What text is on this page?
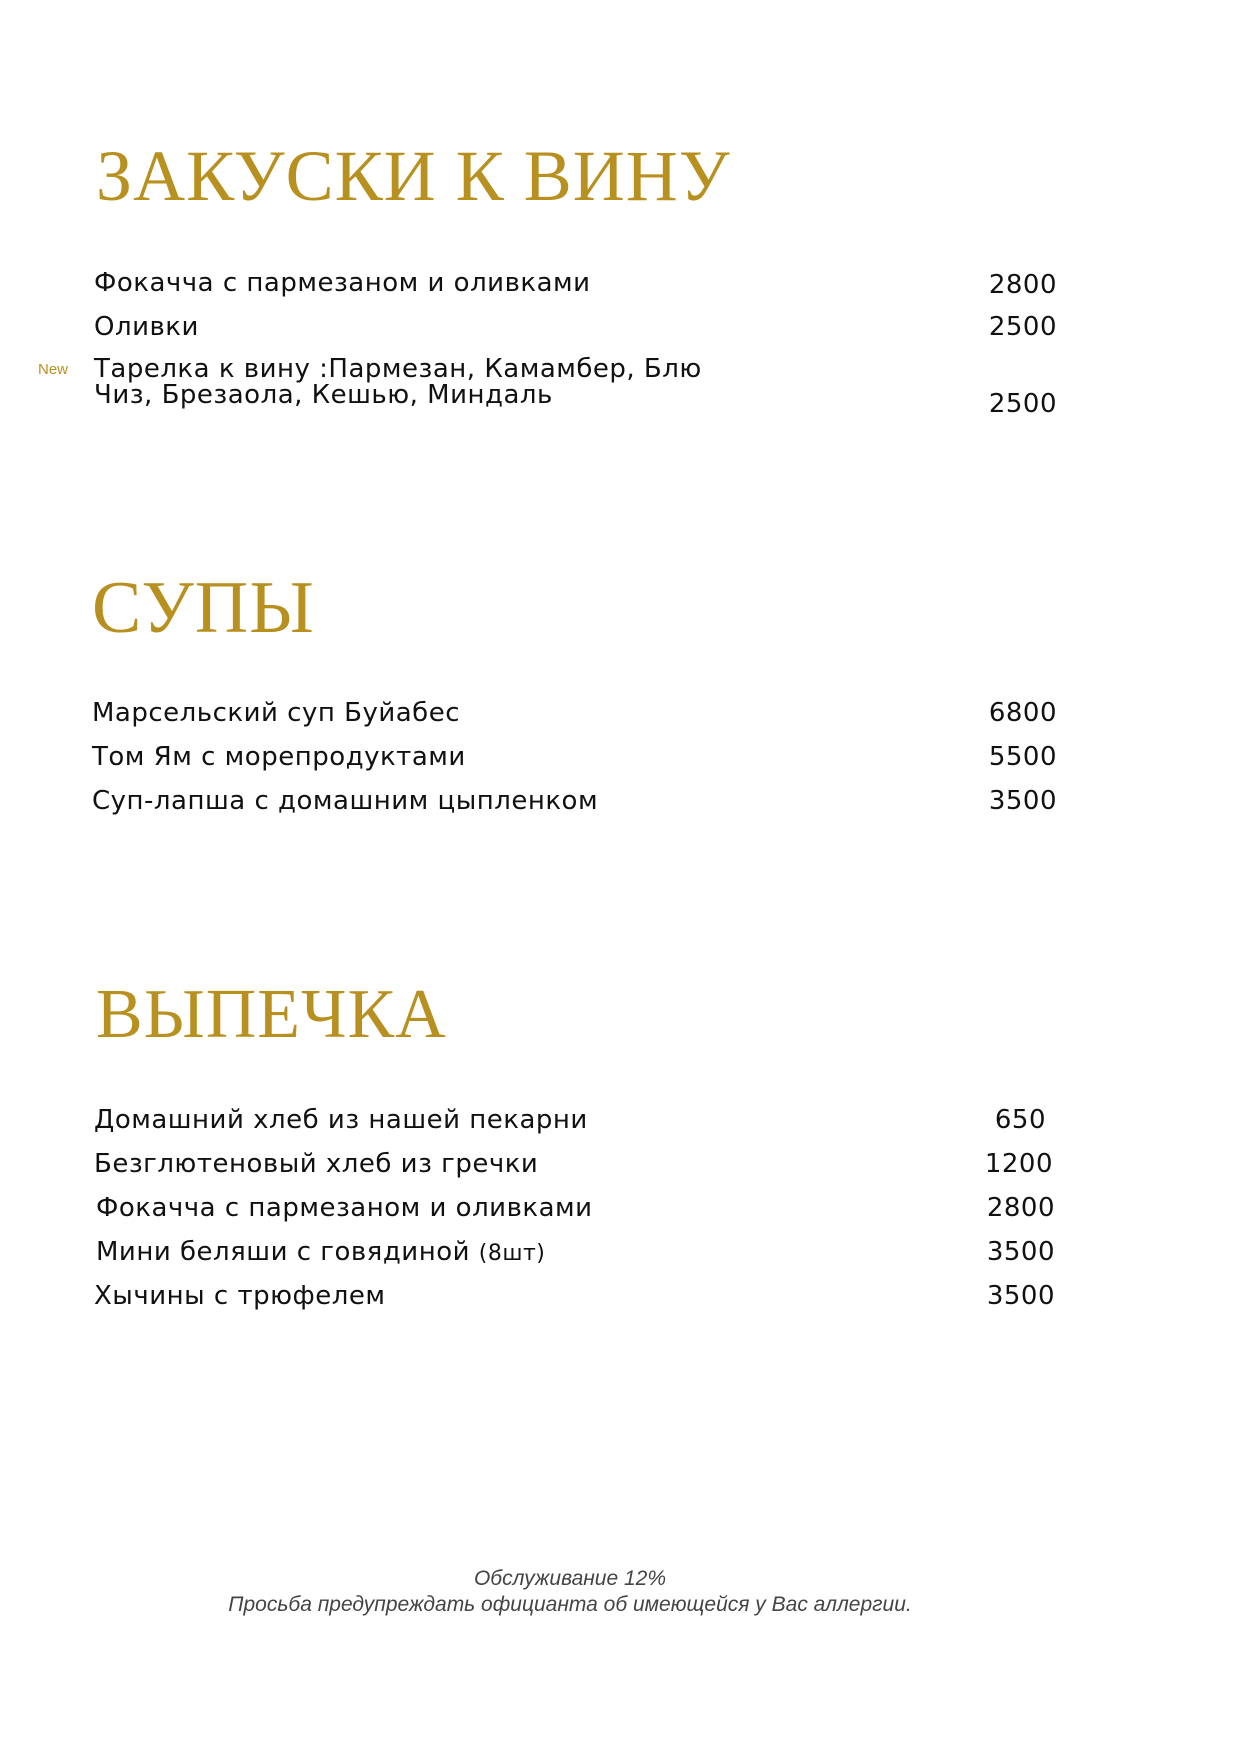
ЗАКУСКИ К ВИНУ
Фокачча с пармезаном и оливками	2800
Оливки	2500
New Тарелка к вину :Пармезан, Камамбер, Блю
Чиз, Брезаола, Кешью, Миндаль	2500
СУПЫ
Марсельский суп Буйабес	6800
Том Ям с морепродуктами	5500
Суп-лапша с домашним цыпленком	3500
ВЫПЕЧКА
Домашний хлеб из нашей пекарни	650
Безглютеновый хлеб из гречки	1200
Фокачча с пармезаном и оливками	2800
Мини беляши с говядиной (8шт)	3500
Хычины с трюфелем	3500
Обслуживание 12%
Просьба предупреждать официанта об имеющейся у Вас аллергии.
